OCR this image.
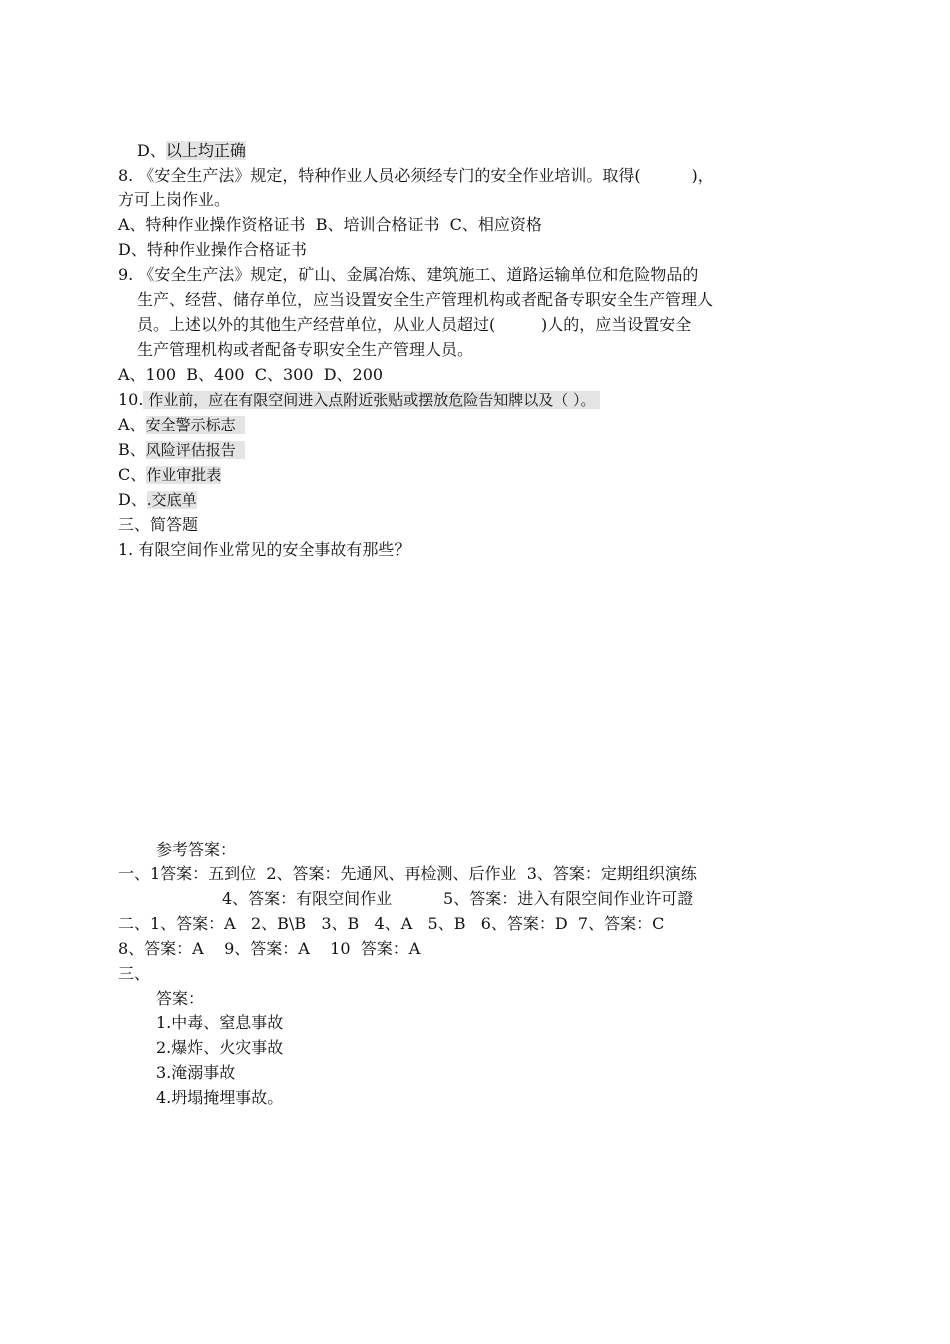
D、以上均正确
8. 《安全生产法》规定，特种作业人员必须经专门的安全作业培训。取得(          )，
方可上岗作业。
A、特种作业操作资格证书  B、培训合格证书  C、相应资格
D、特种作业操作合格证书
9. 《安全生产法》规定，矿山、金属冶炼、建筑施工、道路运输单位和危险物品的
生产、经营、储存单位，应当设置安全生产管理机构或者配备专职安全生产管理人
员。上述以外的其他生产经营单位，从业人员超过(         )人的，应当设置安全
生产管理机构或者配备专职安全生产管理人员。
A、100  B、400  C、300  D、200
10. 作业前，应在有限空间进入点附近张贴或摆放危险告知牌以及（ ）。
A、安全警示标志
B、风险评估报告
C、作业审批表
D、.交底单
三、简答题
1. 有限空间作业常见的安全事故有那些？
参考答案：
一、1答案：五到位  2、答案：先通风、再检测、后作业  3、答案：定期组织演练
4、答案：有限空间作业          5、答案：进入有限空间作业许可證
二、1、答案：A   2、B\B   3、B   4、A   5、B   6、答案：D  7、答案：C
8、答案：A    9、答案：A    10  答案：A
三、
答案：
1.中毒、窒息事故
2.爆炸、火灾事故
3.淹溺事故
4.坍塌掩埋事故。
